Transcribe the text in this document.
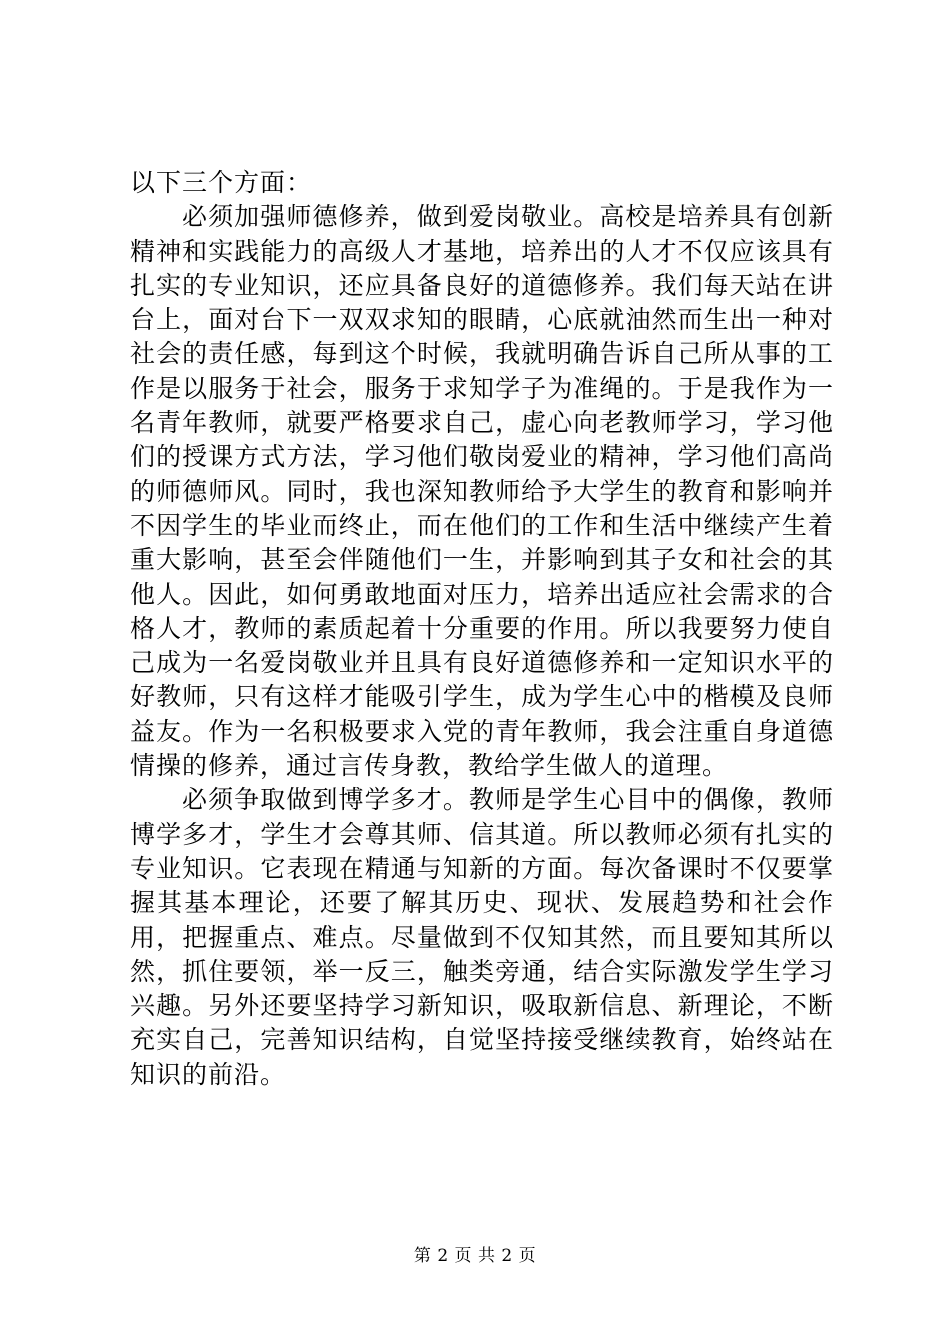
以下三个方面：

必须加强师德修养，做到爱岗敬业。高校是培养具有创新精神和实践能力的高级人才基地，培养出的人才不仅应该具有扎实的专业知识，还应具备良好的道德修养。我们每天站在讲台上，面对台下一双双求知的眼睛，心底就油然而生出一种对社会的责任感，每到这个时候，我就明确告诉自己所从事的工作是以服务于社会，服务于求知学子为准绳的。于是我作为一名青年教师，就要严格要求自己，虚心向老教师学习，学习他们的授课方式方法，学习他们敬岗爱业的精神，学习他们高尚的师德师风。同时，我也深知教师给予大学生的教育和影响并不因学生的毕业而终止，而在他们的工作和生活中继续产生着重大影响，甚至会伴随他们一生，并影响到其子女和社会的其他人。因此，如何勇敢地面对压力，培养出适应社会需求的合格人才，教师的素质起着十分重要的作用。所以我要努力使自己成为一名爱岗敬业并且具有良好道德修养和一定知识水平的好教师，只有这样才能吸引学生，成为学生心中的楷模及良师益友。作为一名积极要求入党的青年教师，我会注重自身道德情操的修养，通过言传身教，教给学生做人的道理。

必须争取做到博学多才。教师是学生心目中的偶像，教师博学多才，学生才会尊其师、信其道。所以教师必须有扎实的专业知识。它表现在精通与知新的方面。每次备课时不仅要掌握其基本理论，还要了解其历史、现状、发展趋势和社会作用，把握重点、难点。尽量做到不仅知其然，而且要知其所以然，抓住要领，举一反三，触类旁通，结合实际激发学生学习兴趣。另外还要坚持学习新知识，吸取新信息、新理论，不断充实自己，完善知识结构，自觉坚持接受继续教育，始终站在知识的前沿。

第 2 页 共 2 页
